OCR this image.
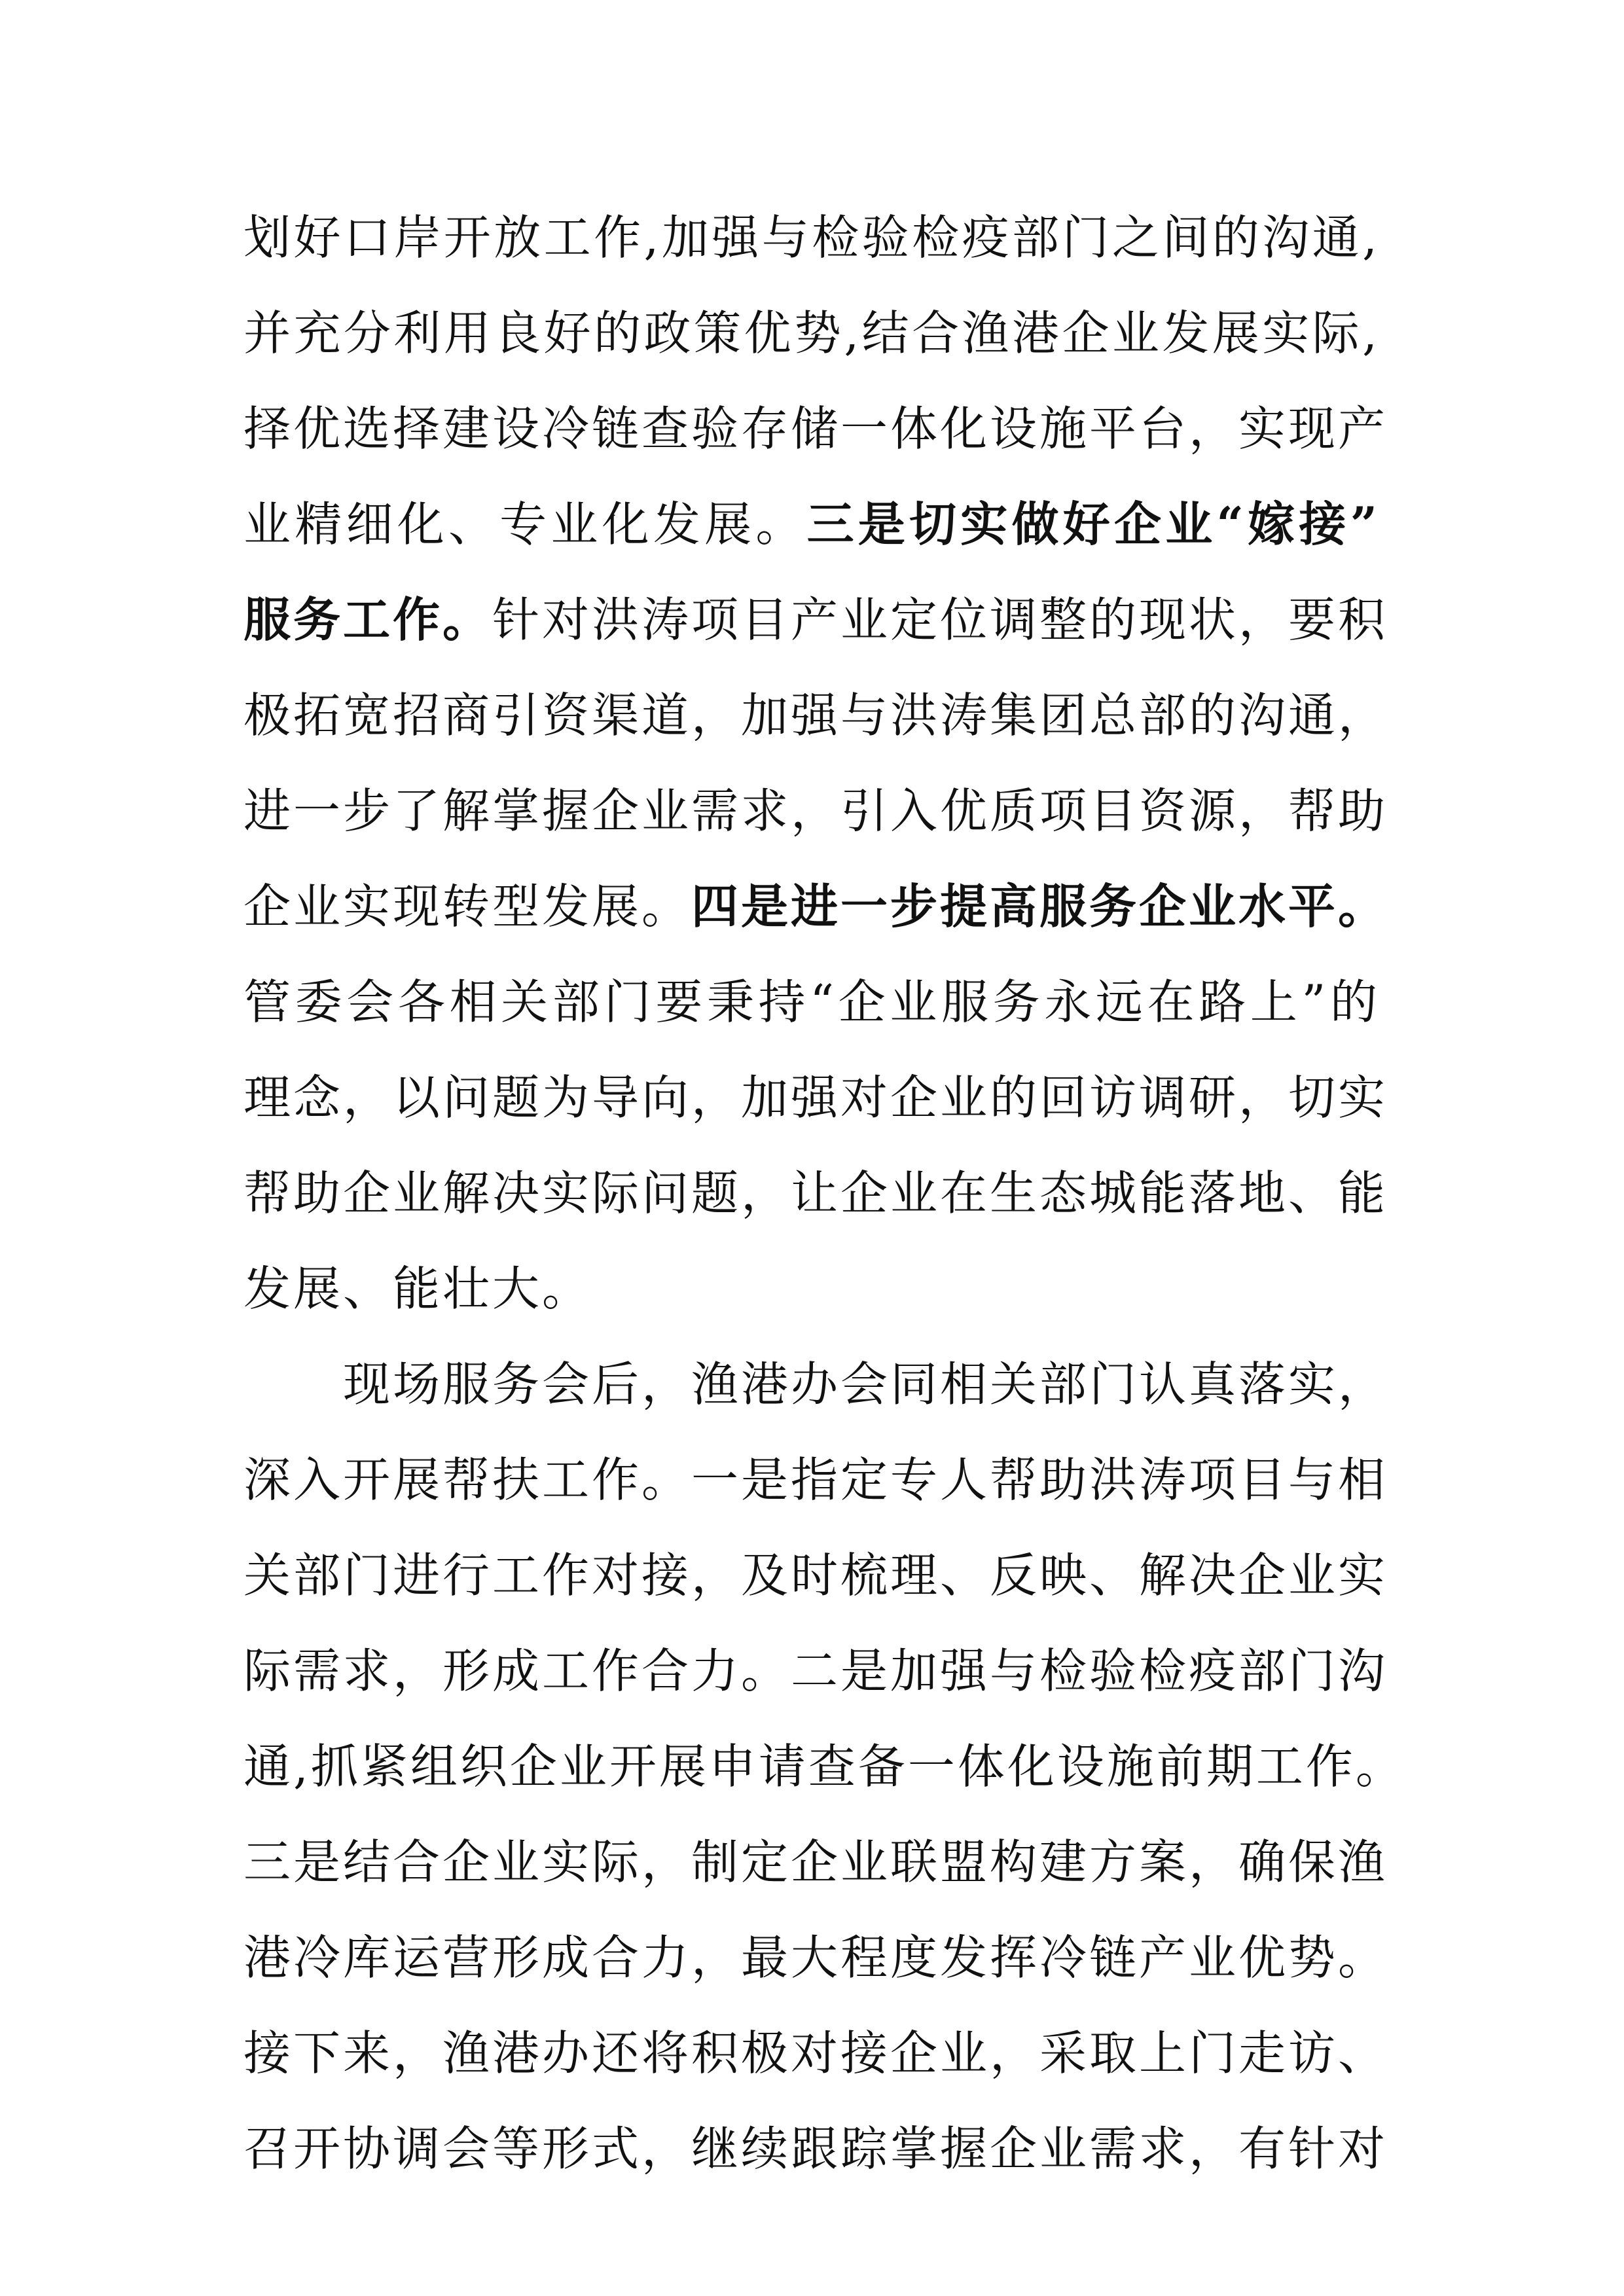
划好口岸开放工作,加强与检验检疫部门之间的沟通,
并充分利用良好的政策优势,结合渔港企业发展实际,
择优选择建设冷链查验存储一体化设施平台，实现产
业精细化、专业化发展。三是切实做好企业“嫁接”
服务工作。针对洪涛项目产业定位调整的现状，要积
极拓宽招商引资渠道，加强与洪涛集团总部的沟通，
进一步了解掌握企业需求，引入优质项目资源，帮助
企业实现转型发展。四是进一步提高服务企业水平。
管委会各相关部门要秉持“企业服务永远在路上”的
理念，以问题为导向，加强对企业的回访调研，切实
帮助企业解决实际问题，让企业在生态城能落地、能
发展、能壮大。
现场服务会后，渔港办会同相关部门认真落实，
深入开展帮扶工作。一是指定专人帮助洪涛项目与相
关部门进行工作对接，及时梳理、反映、解决企业实
际需求，形成工作合力。二是加强与检验检疫部门沟
通,抓紧组织企业开展申请查备一体化设施前期工作。
三是结合企业实际，制定企业联盟构建方案，确保渔
港冷库运营形成合力，最大程度发挥冷链产业优势。
接下来，渔港办还将积极对接企业，采取上门走访、
召开协调会等形式，继续跟踪掌握企业需求，有针对
